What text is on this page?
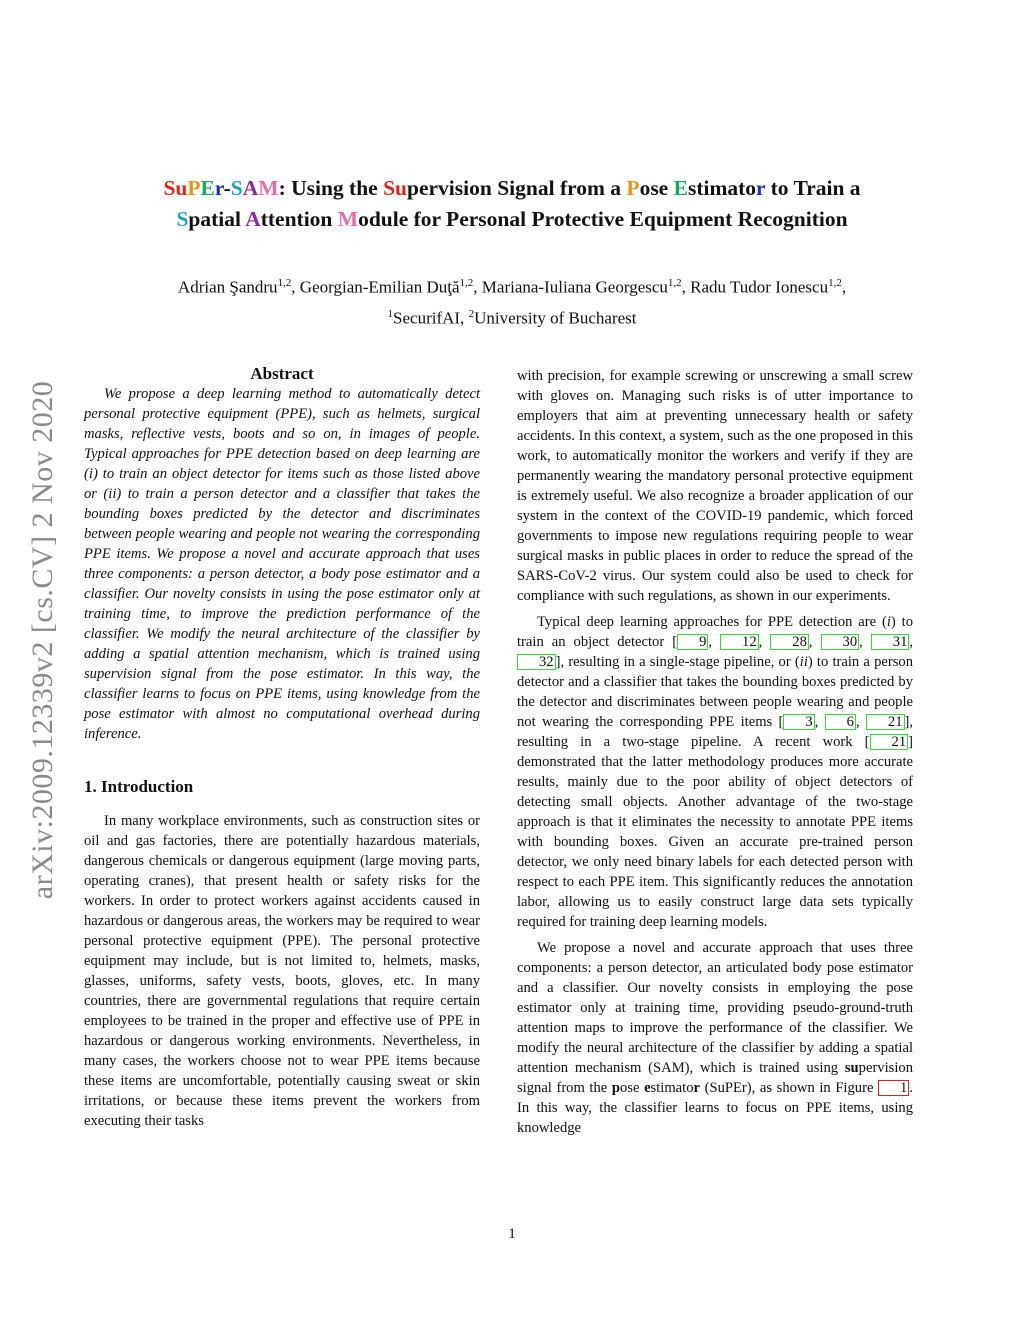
SuPEr-SAM: Using the Supervision Signal from a Pose Estimator to Train a
Spatial Attention Module for Personal Protective Equipment Recognition
Adrian Şandru$^{1,2}$, Georgian-Emilian Duţă$^{1,2}$, Mariana-Iuliana Georgescu$^{1,2}$, Radu Tudor Ionescu$^{1,2}$,
$^1$SecurifAI, $^2$University of Bucharest
arXiv:2009.12339v2 [cs.CV] 2 Nov 2020
Abstract

We propose a deep learning method to automatically detect personal protective equipment (PPE), such as helmets, surgical masks, reflective vests, boots and so on, in images of people. Typical approaches for PPE detection based on deep learning are (i) to train an object detector for items such as those listed above or (ii) to train a person detector and a classifier that takes the bounding boxes predicted by the detector and discriminates between people wearing and people not wearing the corresponding PPE items. We propose a novel and accurate approach that uses three components: a person detector, a body pose estimator and a classifier. Our novelty consists in using the pose estimator only at training time, to improve the prediction performance of the classifier. We modify the neural architecture of the classifier by adding a spatial attention mechanism, which is trained using supervision signal from the pose estimator. In this way, the classifier learns to focus on PPE items, using knowledge from the pose estimator with almost no computational overhead during inference.

1. Introduction

In many workplace environments, such as construction sites or oil and gas factories, there are potentially hazardous materials, dangerous chemicals or dangerous equipment (large moving parts, operating cranes), that present health or safety risks for the workers. In order to protect workers against accidents caused in hazardous or dangerous areas, the workers may be required to wear personal protective equipment (PPE). The personal protective equipment may include, but is not limited to, helmets, masks, glasses, uniforms, safety vests, boots, gloves, etc. In many countries, there are governmental regulations that require certain employees to be trained in the proper and effective use of PPE in hazardous or dangerous working environments. Nevertheless, in many cases, the workers choose not to wear PPE items because these items are uncomfortable, potentially causing sweat or skin irritations, or because these items prevent the workers from executing their tasks

with precision, for example screwing or unscrewing a small screw with gloves on. Managing such risks is of utter importance to employers that aim at preventing unnecessary health or safety accidents. In this context, a system, such as the one proposed in this work, to automatically monitor the workers and verify if they are permanently wearing the mandatory personal protective equipment is extremely useful. We also recognize a broader application of our system in the context of the COVID-19 pandemic, which forced governments to impose new regulations requiring people to wear surgical masks in public places in order to reduce the spread of the SARS-CoV-2 virus. Our system could also be used to check for compliance with such regulations, as shown in our experiments.

Typical deep learning approaches for PPE detection are (i) to train an object detector [ 9 , 12 , 28 , 30 , 31 , 32 ], resulting in a single-stage pipeline, or (ii) to train a person detector and a classifier that takes the bounding boxes predicted by the detector and discriminates between people wearing and people not wearing the corresponding PPE items [ 3 , 6 , 21 ], resulting in a two-stage pipeline. A recent work [ 21 ] demonstrated that the latter methodology produces more accurate results, mainly due to the poor ability of object detectors of detecting small objects. Another advantage of the two-stage approach is that it eliminates the necessity to annotate PPE items with bounding boxes. Given an accurate pre-trained person detector, we only need binary labels for each detected person with respect to each PPE item. This significantly reduces the annotation labor, allowing us to easily construct large data sets typically required for training deep learning models.

We propose a novel and accurate approach that uses three components: a person detector, an articulated body pose estimator and a classifier. Our novelty consists in employing the pose estimator only at training time, providing pseudo-ground-truth attention maps to improve the performance of the classifier. We modify the neural architecture of the classifier by adding a spatial attention mechanism (SAM), which is trained using supervision signal from the pose estimator (SuPEr), as shown in Figure 1 . In this way, the classifier learns to focus on PPE items, using knowledge

1
